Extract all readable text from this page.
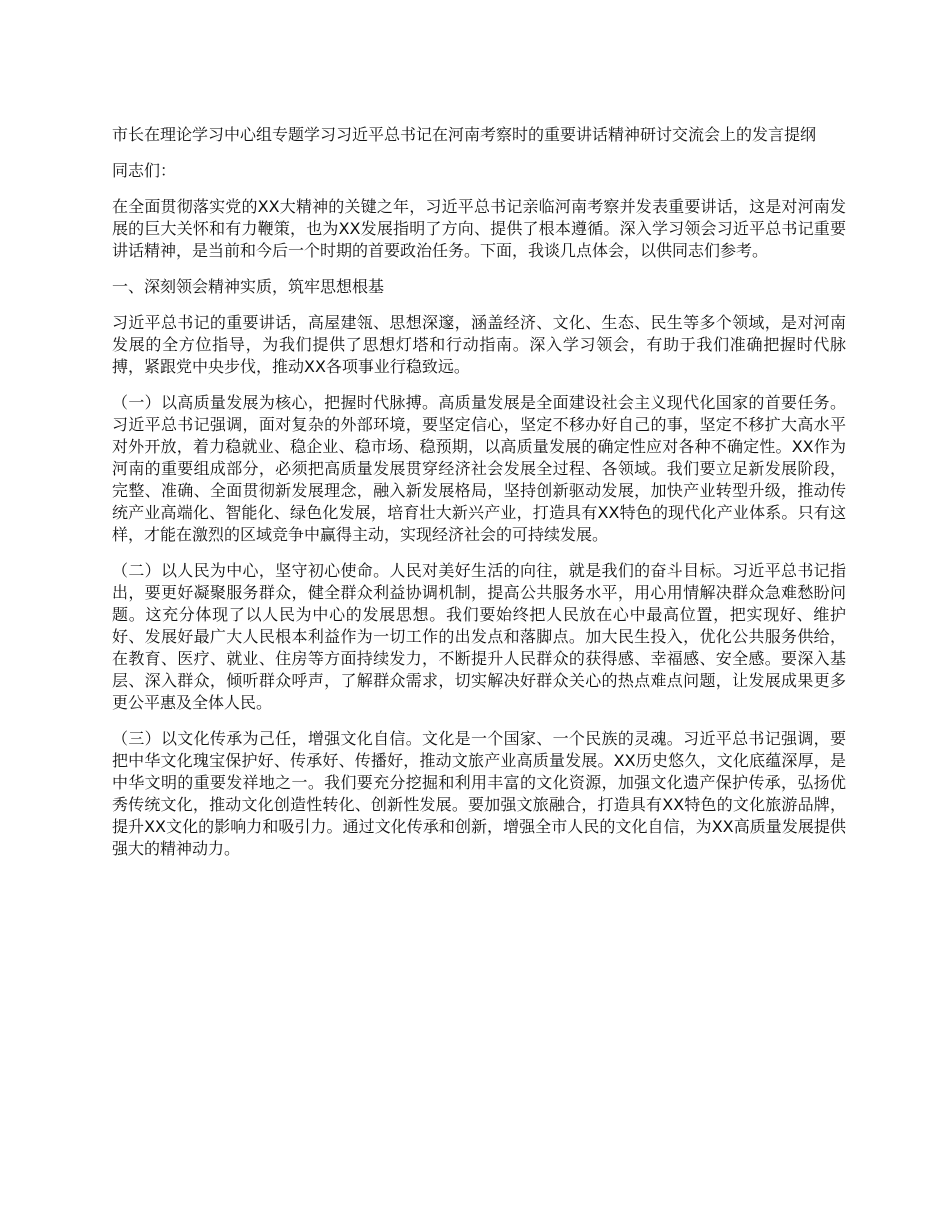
市长在理论学习中心组专题学习习近平总书记在河南考察时的重要讲话精神研讨交流会上的发言提纲

同志们：

在全面贯彻落实党的XX大精神的关键之年，习近平总书记亲临河南考察并发表重要讲话，这是对河南发展的巨大关怀和有力鞭策，也为XX发展指明了方向、提供了根本遵循。深入学习领会习近平总书记重要讲话精神，是当前和今后一个时期的首要政治任务。下面，我谈几点体会，以供同志们参考。

一、深刻领会精神实质，筑牢思想根基

习近平总书记的重要讲话，高屋建瓴、思想深邃，涵盖经济、文化、生态、民生等多个领域，是对河南发展的全方位指导，为我们提供了思想灯塔和行动指南。深入学习领会，有助于我们准确把握时代脉搏，紧跟党中央步伐，推动XX各项事业行稳致远。

（一）以高质量发展为核心，把握时代脉搏。高质量发展是全面建设社会主义现代化国家的首要任务。习近平总书记强调，面对复杂的外部环境，要坚定信心，坚定不移办好自己的事，坚定不移扩大高水平对外开放，着力稳就业、稳企业、稳市场、稳预期，以高质量发展的确定性应对各种不确定性。XX作为河南的重要组成部分，必须把高质量发展贯穿经济社会发展全过程、各领域。我们要立足新发展阶段，完整、准确、全面贯彻新发展理念，融入新发展格局，坚持创新驱动发展，加快产业转型升级，推动传统产业高端化、智能化、绿色化发展，培育壮大新兴产业，打造具有XX特色的现代化产业体系。只有这样，才能在激烈的区域竞争中赢得主动，实现经济社会的可持续发展。

（二）以人民为中心，坚守初心使命。人民对美好生活的向往，就是我们的奋斗目标。习近平总书记指出，要更好凝聚服务群众，健全群众利益协调机制，提高公共服务水平，用心用情解决群众急难愁盼问题。这充分体现了以人民为中心的发展思想。我们要始终把人民放在心中最高位置，把实现好、维护好、发展好最广大人民根本利益作为一切工作的出发点和落脚点。加大民生投入，优化公共服务供给，在教育、医疗、就业、住房等方面持续发力，不断提升人民群众的获得感、幸福感、安全感。要深入基层、深入群众，倾听群众呼声，了解群众需求，切实解决好群众关心的热点难点问题，让发展成果更多更公平惠及全体人民。

（三）以文化传承为己任，增强文化自信。文化是一个国家、一个民族的灵魂。习近平总书记强调，要把中华文化瑰宝保护好、传承好、传播好，推动文旅产业高质量发展。XX历史悠久，文化底蕴深厚，是中华文明的重要发祥地之一。我们要充分挖掘和利用丰富的文化资源，加强文化遗产保护传承，弘扬优秀传统文化，推动文化创造性转化、创新性发展。要加强文旅融合，打造具有XX特色的文化旅游品牌，提升XX文化的影响力和吸引力。通过文化传承和创新，增强全市人民的文化自信，为XX高质量发展提供强大的精神动力。
